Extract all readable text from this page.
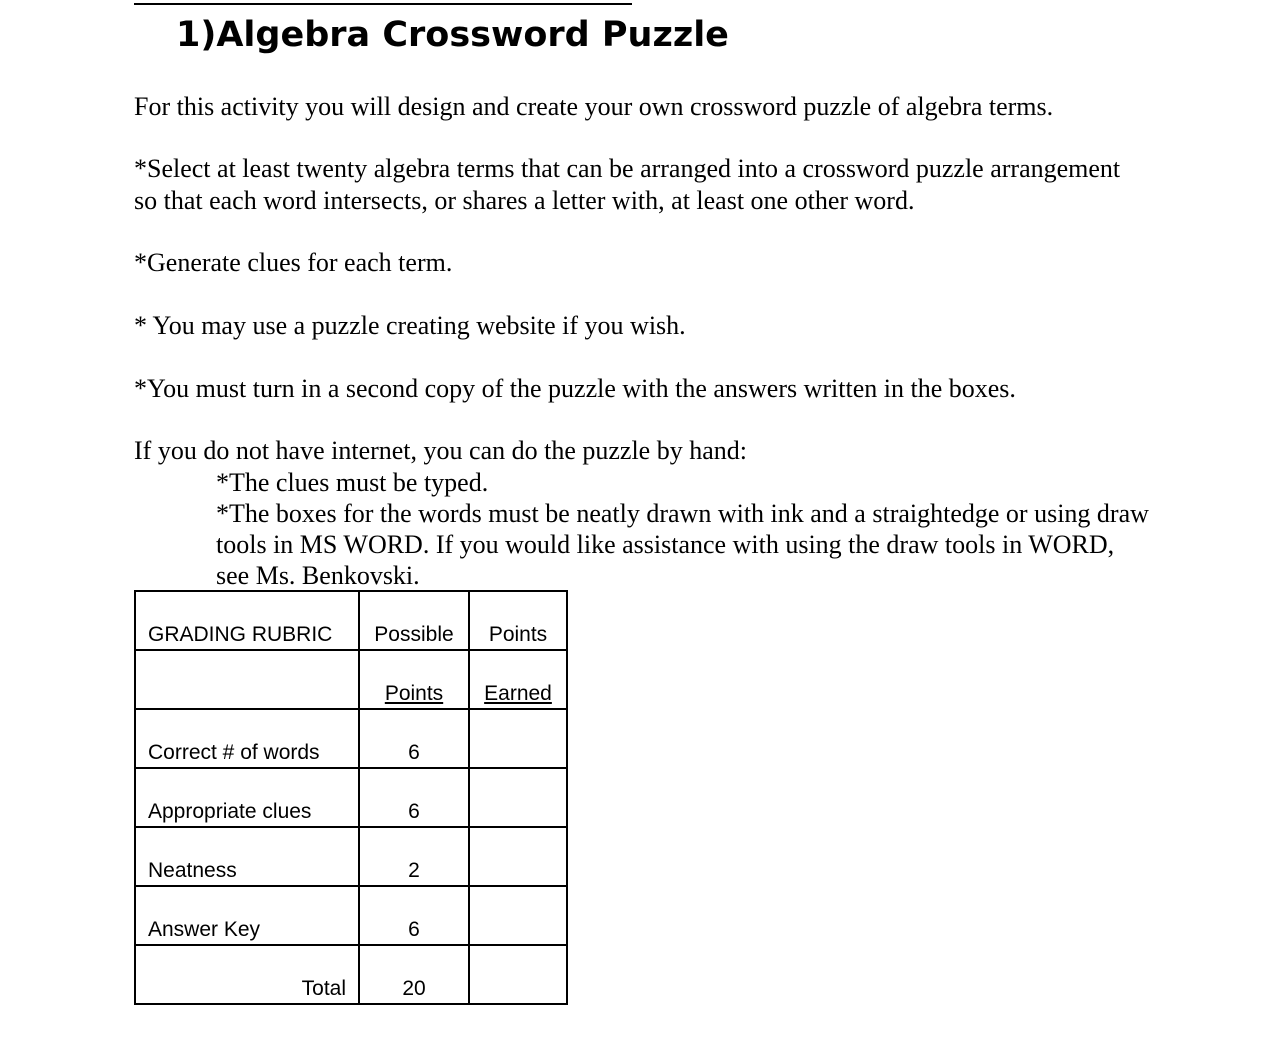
1)Algebra Crossword Puzzle

For this activity you will design and create your own crossword puzzle of algebra terms.

*Select at least twenty algebra terms that can be arranged into a crossword puzzle arrangement

so that each word intersects, or shares a letter with, at least one other word.

*Generate clues for each term.

* You may use a puzzle creating website if you wish.

*You must turn in a second copy of the puzzle with the answers written in the boxes.

If you do not have internet, you can do the puzzle by hand:

*The clues must be typed.

*The boxes for the words must be neatly drawn with ink and a straightedge or using draw

tools in MS WORD. If you would like assistance with using the draw tools in WORD,

see Ms. Benkovski.

GRADING RUBRIC	Possible	Points
	Points	Earned
Correct # of words	6	
Appropriate clues	6	
Neatness	2	
Answer Key	6	
Total	20	
